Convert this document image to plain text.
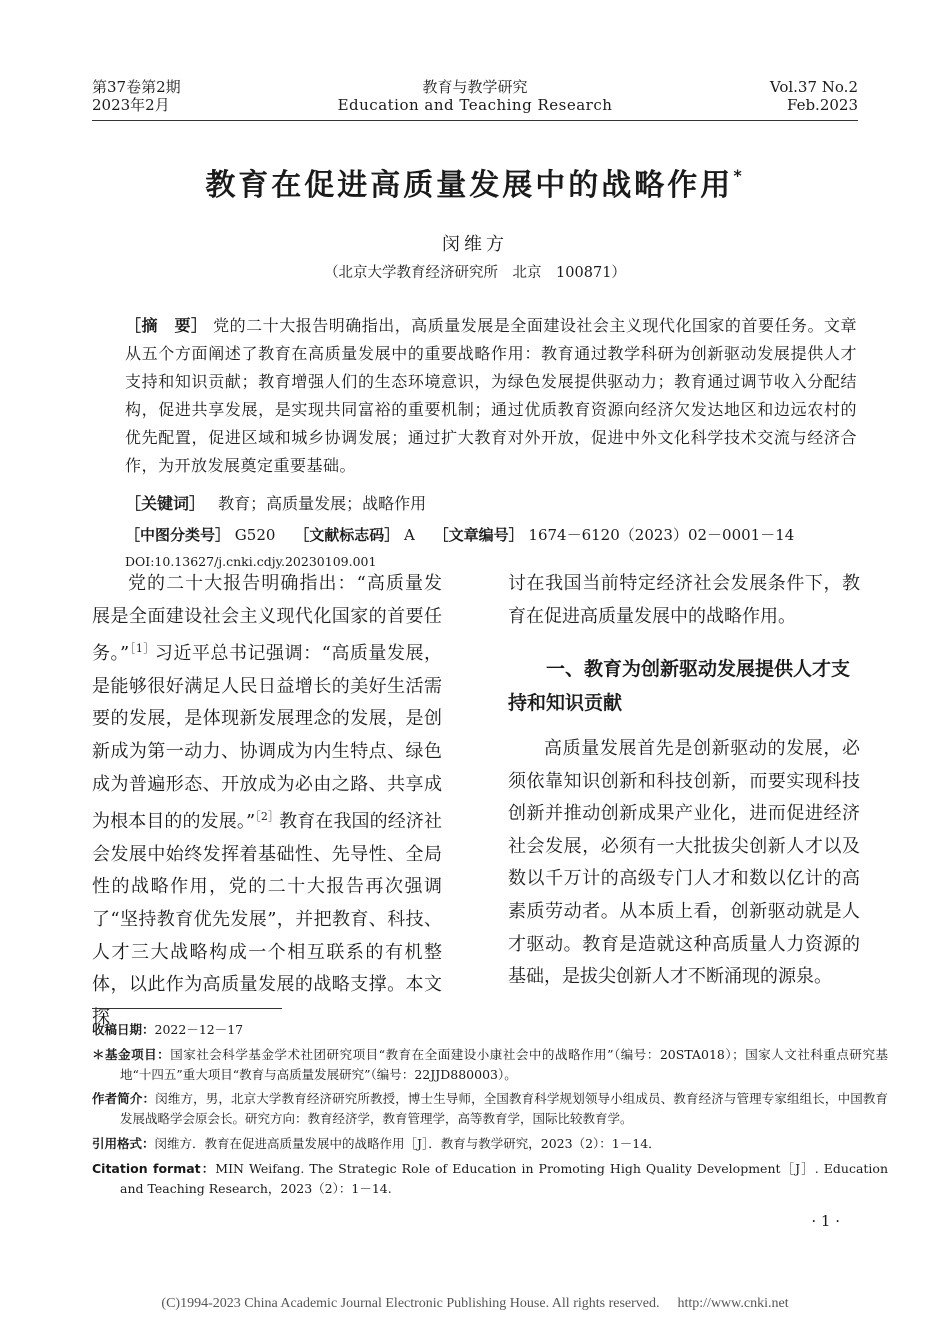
第37卷第2期
2023年2月
教育与教学研究
Education and Teaching Research
Vol.37 No.2
Feb.2023
教育在促进高质量发展中的战略作用*
闵维方
（北京大学教育经济研究所　北京　100871）
［摘　要］ 党的二十大报告明确指出，高质量发展是全面建设社会主义现代化国家的首要任务。文章从五个方面阐述了教育在高质量发展中的重要战略作用：教育通过教学科研为创新驱动发展提供人才支持和知识贡献；教育增强人们的生态环境意识，为绿色发展提供驱动力；教育通过调节收入分配结构，促进共享发展，是实现共同富裕的重要机制；通过优质教育资源向经济欠发达地区和边远农村的优先配置，促进区域和城乡协调发展；通过扩大教育对外开放，促进中外文化科学技术交流与经济合作，为开放发展奠定重要基础。
［关键词］ 教育；高质量发展；战略作用
［中图分类号］ G520 ［文献标志码］ A ［文章编号］ 1674－6120（2023）02－0001－14
DOI:10.13627/j.cnki.cdjy.20230109.001
党的二十大报告明确指出：“高质量发展是全面建设社会主义现代化国家的首要任务。”$^{[1]}$习近平总书记强调：“高质量发展，是能够很好满足人民日益增长的美好生活需要的发展，是体现新发展理念的发展，是创新成为第一动力、协调成为内生特点、绿色成为普遍形态、开放成为必由之路、共享成为根本目的的发展。”$^{[2]}$教育在我国的经济社会发展中始终发挥着基础性、先导性、全局性的战略作用，党的二十大报告再次强调了“坚持教育优先发展”，并把教育、科技、人才三大战略构成一个相互联系的有机整体，以此作为高质量发展的战略支撑。本文探
讨在我国当前特定经济社会发展条件下，教育在促进高质量发展中的战略作用。
一、教育为创新驱动发展提供人才支持和知识贡献
高质量发展首先是创新驱动的发展，必须依靠知识创新和科技创新，而要实现科技创新并推动创新成果产业化，进而促进经济社会发展，必须有一大批拔尖创新人才以及数以千万计的高级专门人才和数以亿计的高素质劳动者。从本质上看，创新驱动就是人才驱动。教育是造就这种高质量人力资源的基础，是拔尖创新人才不断涌现的源泉。
收稿日期：2022－12－17
＊基金项目：国家社会科学基金学术社团研究项目“教育在全面建设小康社会中的战略作用”（编号：20STA018）；国家人文社科重点研究基地“十四五”重大项目“教育与高质量发展研究”（编号：22JJD880003）。
作者简介：闵维方，男，北京大学教育经济研究所教授，博士生导师，全国教育科学规划领导小组成员、教育经济与管理专家组组长，中国教育发展战略学会原会长。研究方向：教育经济学，教育管理学，高等教育学，国际比较教育学。
引用格式：闵维方．教育在促进高质量发展中的战略作用［J］．教育与教学研究，2023（2）：1－14．
Citation format：MIN Weifang. The Strategic Role of Education in Promoting High Quality Development［J］. Education and Teaching Research，2023（2）：1－14.
· 1 ·
(C)1994-2023 China Academic Journal Electronic Publishing House. All rights reserved. http://www.cnki.net
